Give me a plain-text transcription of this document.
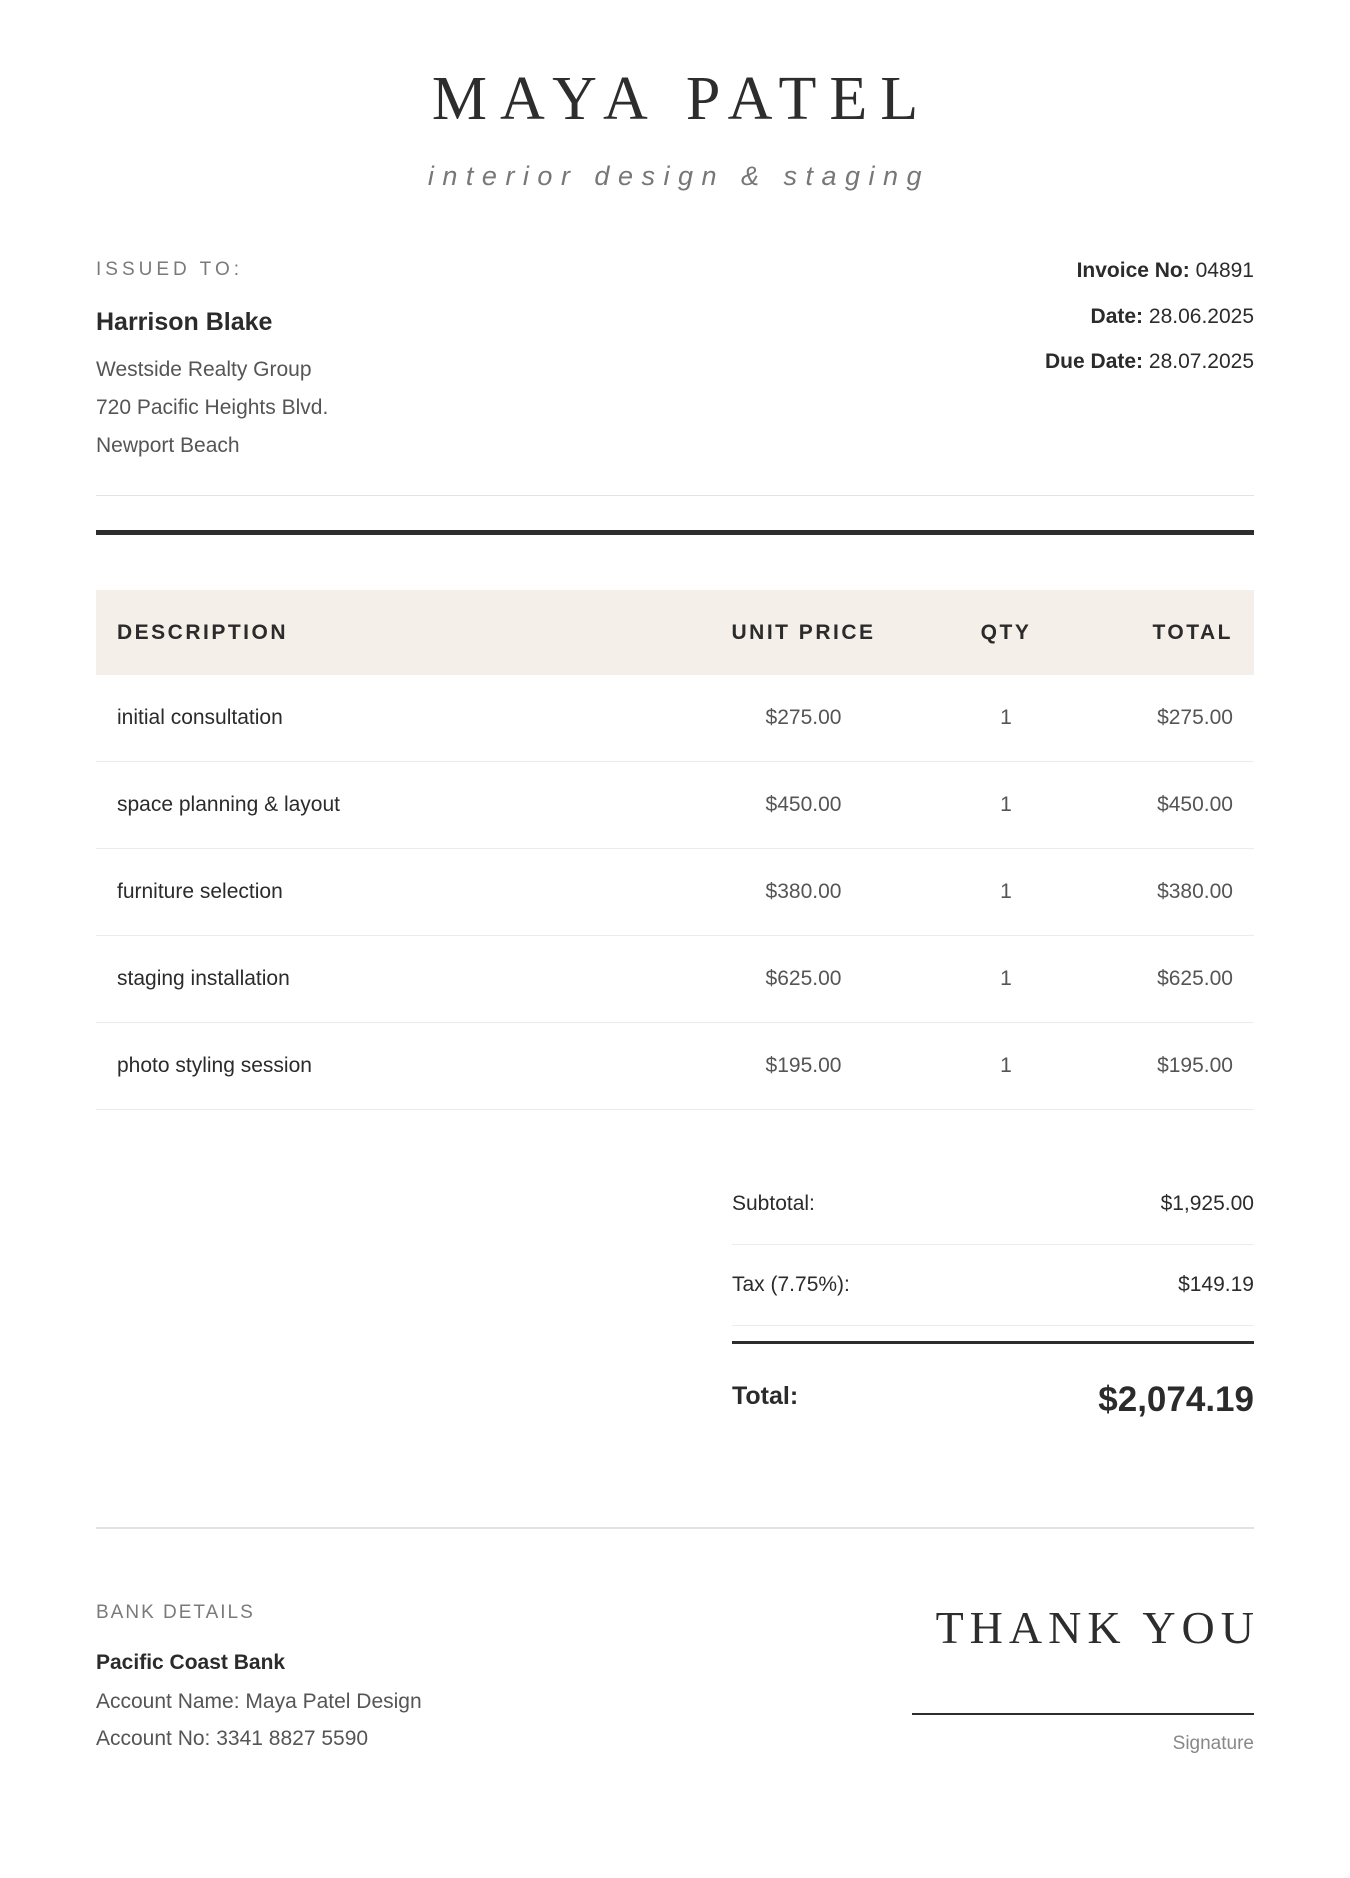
MAYA PATEL
interior design & staging
ISSUED TO:
Harrison Blake
Westside Realty Group
720 Pacific Heights Blvd.
Newport Beach
Invoice No: 04891
Date: 28.06.2025
Due Date: 28.07.2025
DESCRIPTION	UNIT PRICE	QTY	TOTAL
initial consultation	$275.00	1	$275.00
space planning & layout	$450.00	1	$450.00
furniture selection	$380.00	1	$380.00
staging installation	$625.00	1	$625.00
photo styling session	$195.00	1	$195.00
Subtotal:	$1,925.00
Tax (7.75%):	$149.19
Total:	$2,074.19
BANK DETAILS
Pacific Coast Bank
Account Name: Maya Patel Design
Account No: 3341 8827 5590
THANK YOU
Signature
